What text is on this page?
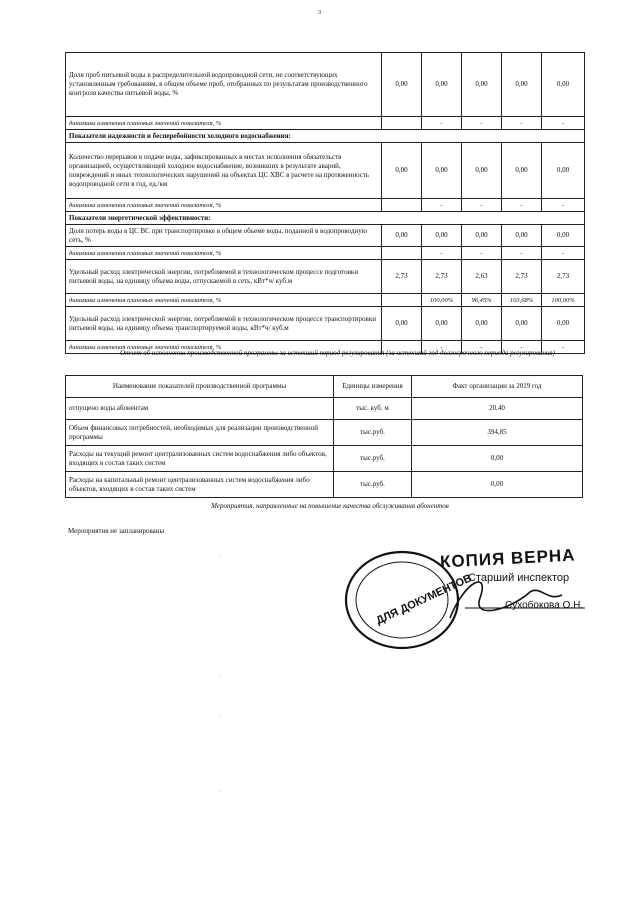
3
Доля проб питьевой воды в распределительной водопроводной сети, не соответствующих установленным требованиям, в общем объеме проб, отобранных по результатам производственного контроля качества питьевой воды, %	0,00	0,00	0,00	0,00	0,00
динамика изменения плановых значений показателя, %		-	-	-	-
Показатели надежности и бесперебойности холодного водоснабжения:					
Количество перерывов в подаче воды, зафиксированных в местах исполнения обязательств организацией, осуществляющей холодное водоснабжение, возникших в результате аварий, повреждений и иных технологических нарушений на объектах ЦС ХВС в расчете на протяженность водопроводной сети в год, ед./км	0,00	0,00	0,00	0,00	0,00
динамика изменения плановых значений показателя, %		-	-	-	-
Показатели энергетической эффективности:					
Доля потерь воды в ЦС ВС при транспортировке в общем объеме воды, поданной в водопроводную сеть, %	0,00	0,00	0,00	0,00	0,00
динамика изменения плановых значений показателя, %		-	-	-	-
Удельный расход электрической энергии, потребляемой в технологическом процессе подготовки питьевой воды, на единицу объема воды, отпускаемой в сеть, кВт*ч/ куб.м	2,73	2,73	2,63	2,73	2,73
динамика изменения плановых значений показателя, %		100,00%	96,45%	103,68%	100,00%
Удельный расход электрической энергии, потребляемой в технологическом процессе транспортировки питьевой воды, на единицу объема транспортируемой воды, кВт*ч/ куб.м	0,00	0,00	0,00	0,00	0,00
динамика изменения плановых значений показателя, %		-	-	-	-
Отчет об исполнении производственной программы за истекший период регулирования (за истекший год долгосрочного периода регулирования)
Наименование показателей производственной программы	Единицы измерения	Факт организации за 2019 год
отпущено воды абонентам	тыс. куб. м	20,40
Объем финансовых потребностей, необходимых для реализации производственной программы	тыс.руб.	394,85
Расходы на текущий ремонт централизованных систем водоснабжения либо объектов, входящих в состав таких систем	тыс.руб.	0,00
Расходы на капитальный ремонт централизованных систем водоснабжения либо объектов, входящих в состав таких систем	тыс.руб.	0,00
Мероприятия, направленные на повышение качества обслуживания абонентов
Мероприятия не запланированы
ДЛЯ ДОКУМЕНТОВ
КОПИЯ ВЕРНА
Старший инспектор
Сухобокова О.Н.
·
·
·
·
